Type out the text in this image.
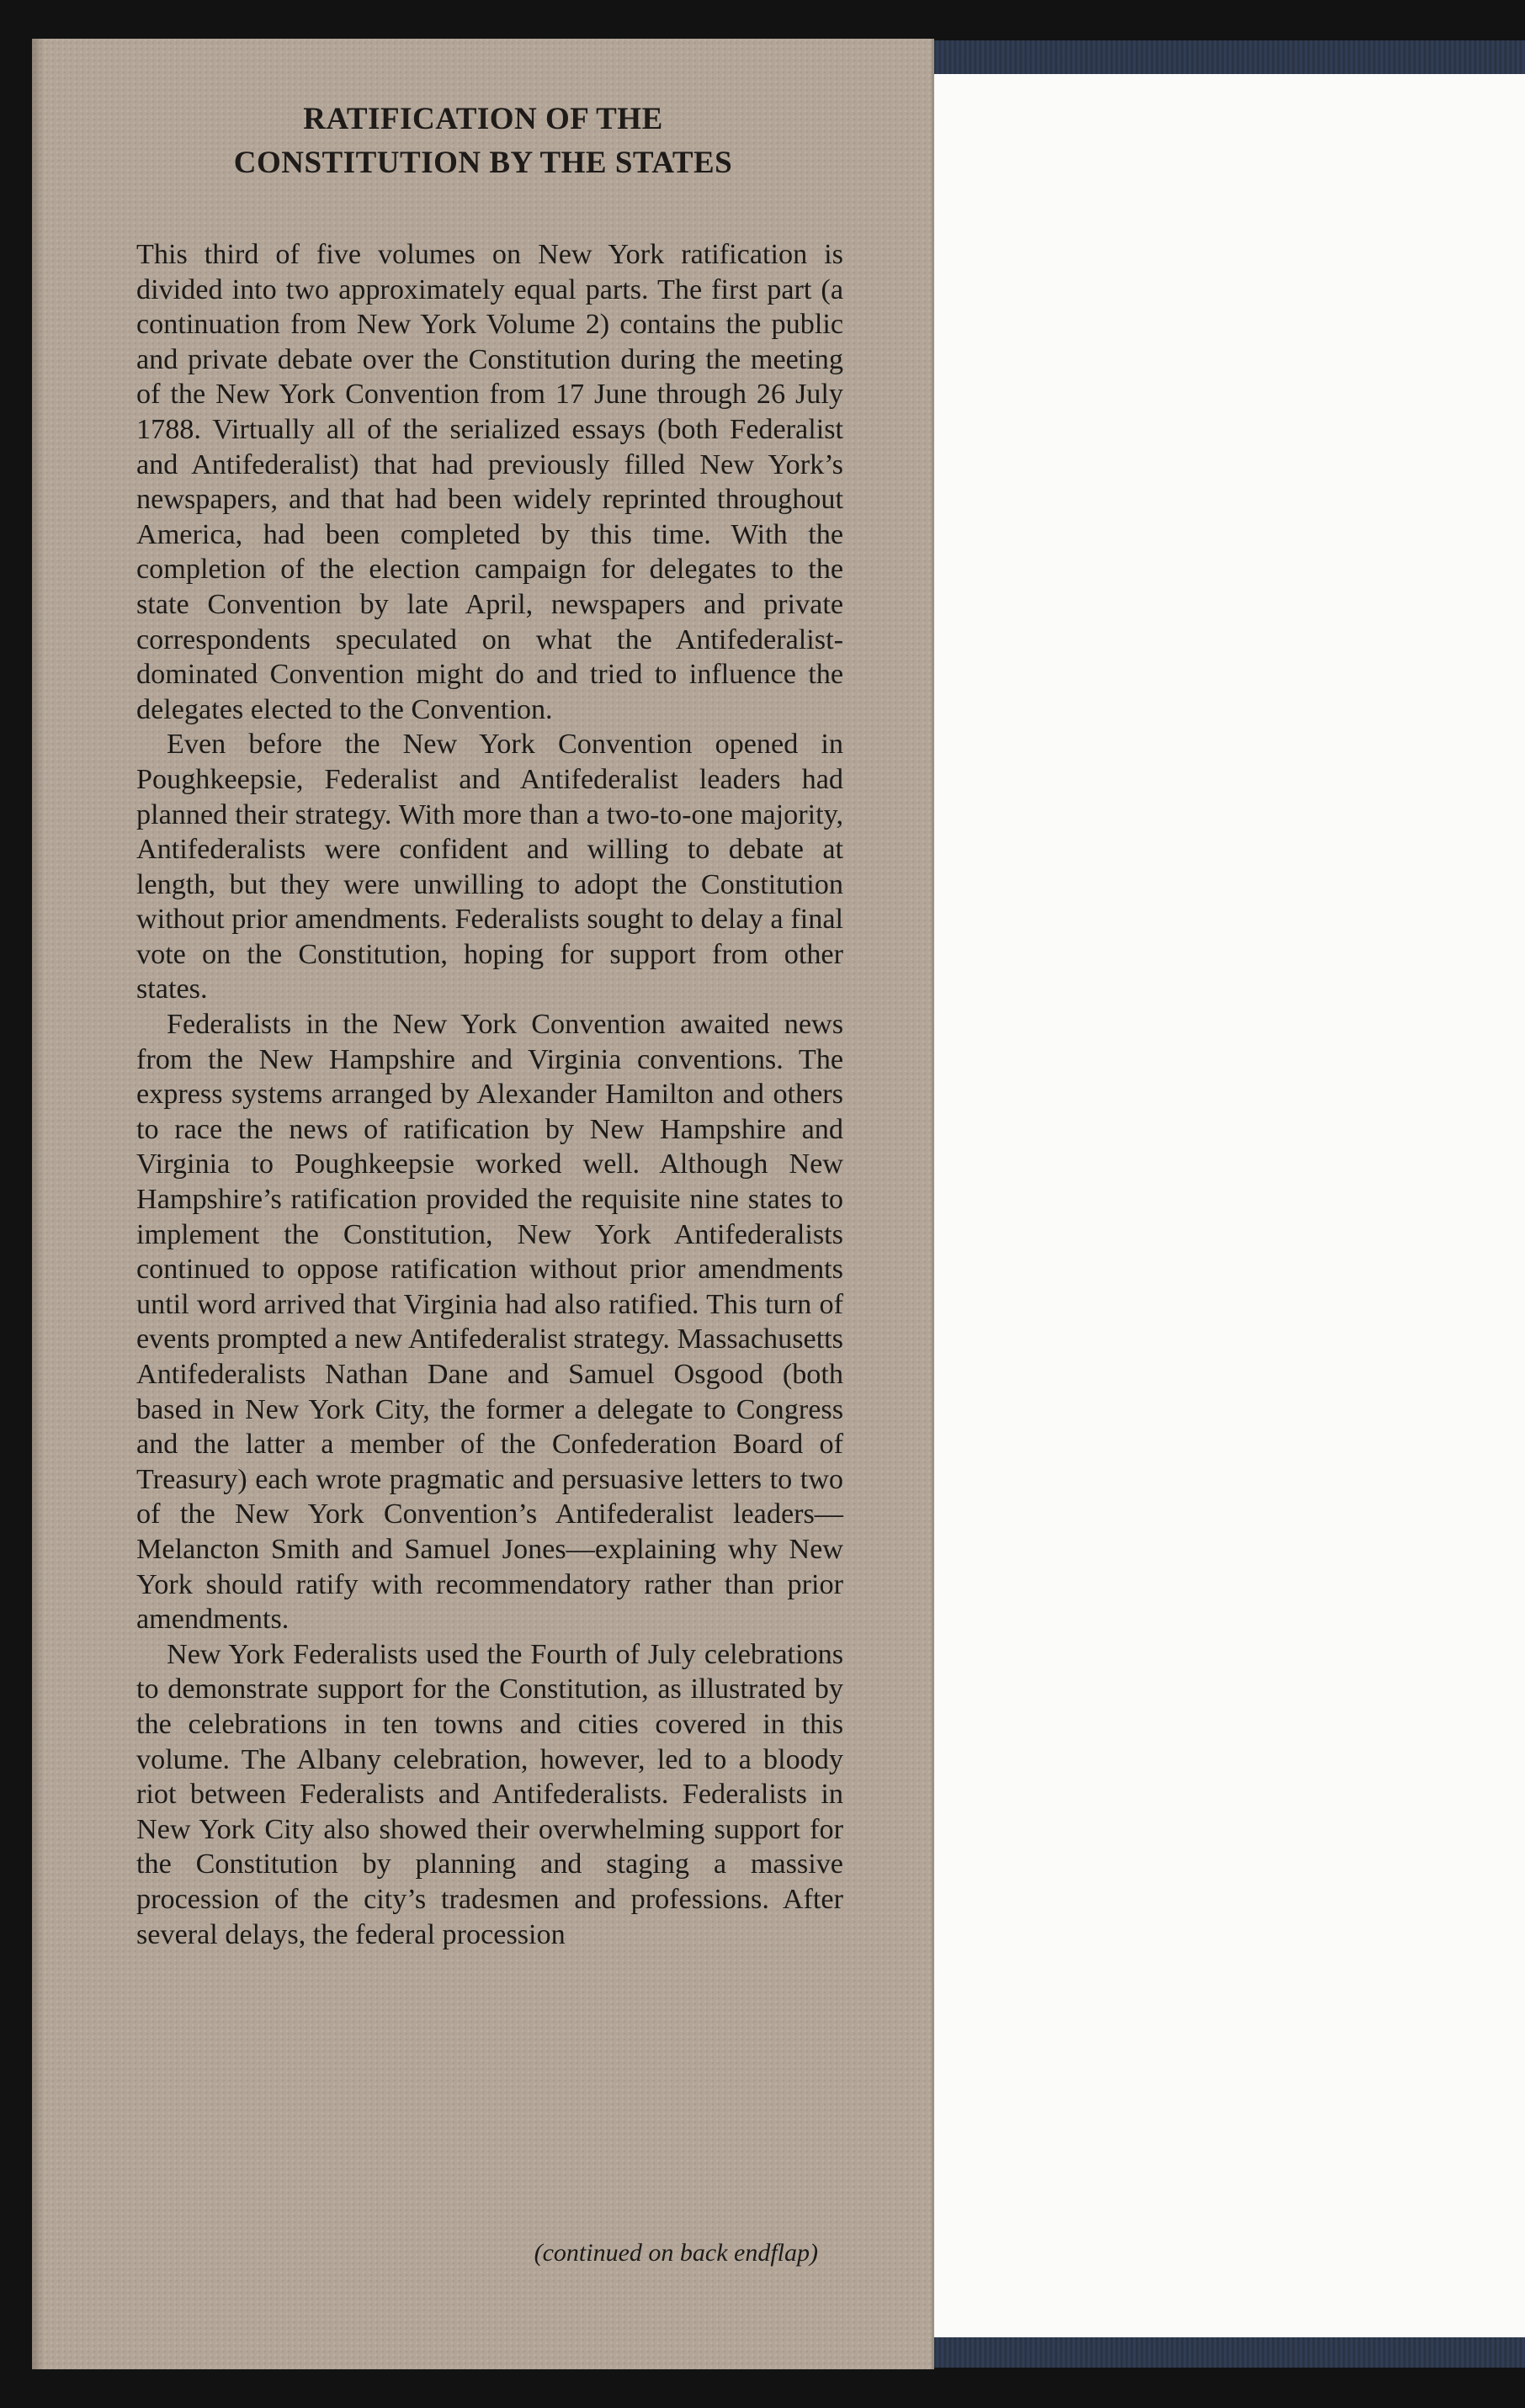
RATIFICATION OF THE
CONSTITUTION BY THE STATES

This third of five volumes on New York ratification is divided into two approximately equal parts. The first part (a continuation from New York Volume 2) contains the public and private debate over the Constitution during the meeting of the New York Convention from 17 June through 26 July 1788. Virtually all of the serialized essays (both Federalist and Antifederalist) that had previously filled New York’s newspapers, and that had been widely reprinted throughout America, had been completed by this time. With the completion of the election campaign for delegates to the state Convention by late April, newspapers and private correspondents speculated on what the Antifederalist-dominated Convention might do and tried to influence the delegates elected to the Convention.

Even before the New York Convention opened in Poughkeepsie, Federalist and Antifederalist leaders had planned their strategy. With more than a two-to-one majority, Antifederalists were confident and willing to debate at length, but they were unwilling to adopt the Constitution without prior amendments. Federalists sought to delay a final vote on the Constitution, hoping for support from other states.

Federalists in the New York Convention awaited news from the New Hampshire and Virginia conventions. The express systems arranged by Alexander Hamilton and others to race the news of ratification by New Hampshire and Virginia to Poughkeepsie worked well. Although New Hampshire’s ratification provided the requisite nine states to implement the Constitution, New York Antifederalists continued to oppose ratification without prior amendments until word arrived that Virginia had also ratified. This turn of events prompted a new Antifederalist strategy. Massachusetts Antifederalists Nathan Dane and Samuel Osgood (both based in New York City, the former a delegate to Congress and the latter a member of the Confederation Board of Treasury) each wrote pragmatic and persuasive letters to two of the New York Convention’s Antifederalist leaders—Melancton Smith and Samuel Jones—explaining why New York should ratify with recommendatory rather than prior amendments.

New York Federalists used the Fourth of July celebrations to demonstrate support for the Constitution, as illustrated by the celebrations in ten towns and cities covered in this volume. The Albany celebration, however, led to a bloody riot between Federalists and Antifederalists. Federalists in New York City also showed their overwhelming support for the Constitution by planning and staging a massive procession of the city’s tradesmen and professions. After several delays, the federal procession

(continued on back endflap)
